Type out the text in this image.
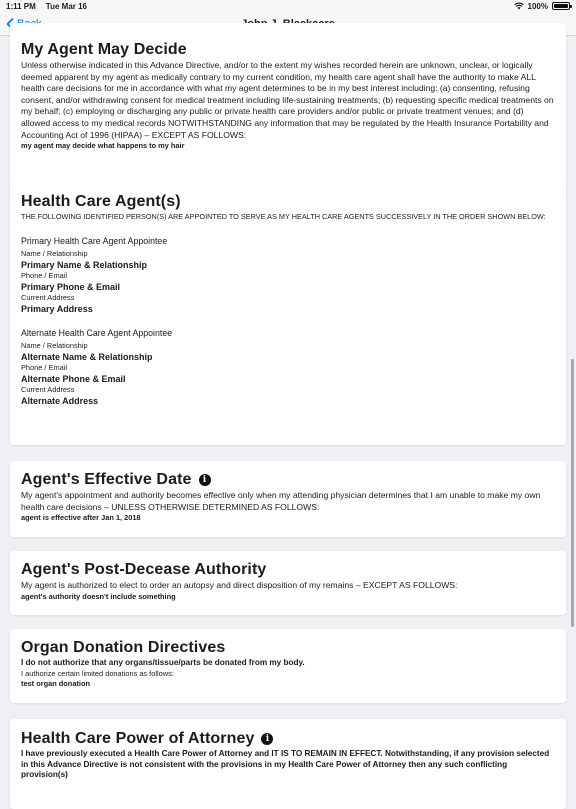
1:11 PM Tue Mar 16	100%
My Agent May Decide
Unless otherwise indicated in this Advance Directive, and/or to the extent my wishes recorded herein are unknown, unclear, or logically deemed apparent by my agent as medically contrary to my current condition, my health care agent shall have the authority to make ALL health care decisions for me in accordance with what my agent determines to be in my best interest including: (a) consenting, refusing consent, and/or withdrawing consent for medical treatment including life-sustaining treatments; (b) requesting specific medical treatments on my behalf; (c) employing or discharging any public or private health care providers and/or public or private treatment venues; and (d) allowed access to my medical records NOTWITHSTANDING any information that may be regulated by the Health Insurance Portability and Accounting Act of 1996 (HIPAA) – EXCEPT AS FOLLOWS:
my agent may decide what happens to my hair
Health Care Agent(s)
THE FOLLOWING IDENTIFIED PERSON(S) ARE APPOINTED TO SERVE AS MY HEALTH CARE AGENTS SUCCESSIVELY IN THE ORDER SHOWN BELOW:
Primary Health Care Agent Appointee
Name / Relationship
Primary Name & Relationship
Phone / Email
Primary Phone & Email
Current Address
Primary Address
Alternate Health Care Agent Appointee
Name / Relationship
Alternate Name & Relationship
Phone / Email
Alternate Phone & Email
Current Address
Alternate Address
Agent's Effective Date	i
My agent's appointment and authority becomes effective only when my attending physician determines that I am unable to make my own health care decisions – UNLESS OTHERWISE DETERMINED AS FOLLOWS:
agent is effective after Jan 1, 2018
Agent's Post-Decease Authority
My agent is authorized to elect to order an autopsy and direct disposition of my remains – EXCEPT AS FOLLOWS:
agent's authority doesn't include something
Organ Donation Directives
I do not authorize that any organs/tissue/parts be donated from my body.
I authorize certain limited donations as follows:
test organ donation
Health Care Power of Attorney	i
I have previously executed a Health Care Power of Attorney and IT IS TO REMAIN IN EFFECT. Notwithstanding, if any provision selected in this Advance Directive is not consistent with the provisions in my Health Care Power of Attorney then any such conflicting provision(s)
